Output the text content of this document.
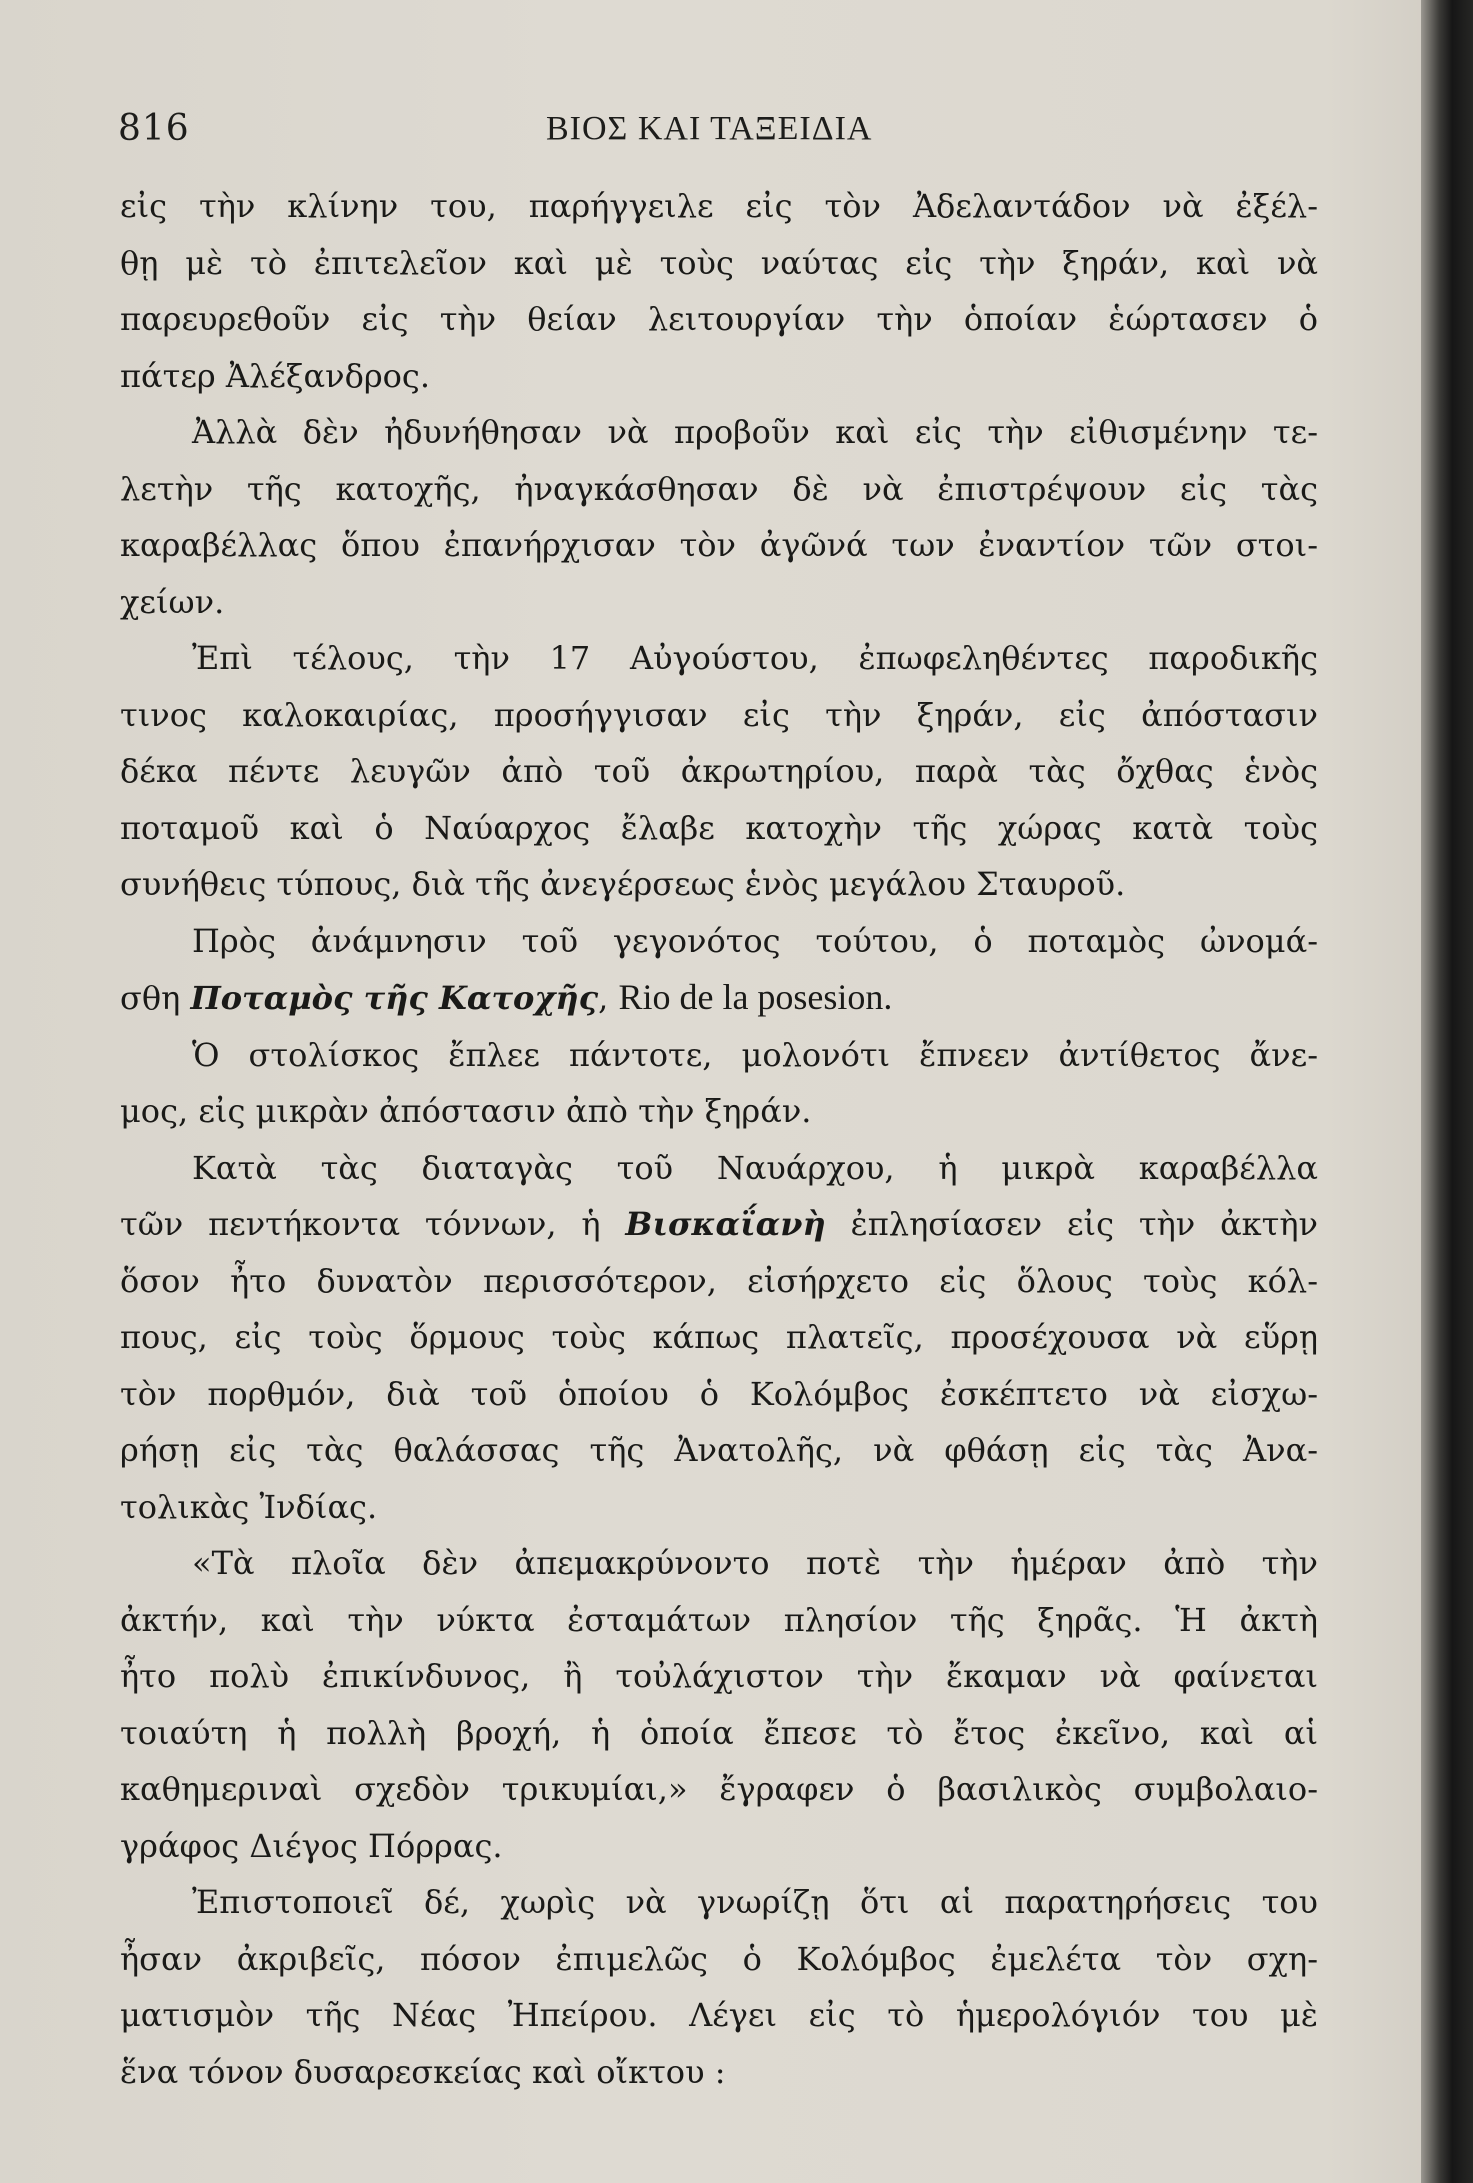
816	ΒΙΟΣ ΚΑΙ ΤΑΞΕΙΔΙΑ

εἰς τὴν κλίνην του, παρήγγειλε εἰς τὸν Ἀδελαντάδον νὰ ἐξέλ-
θῃ μὲ τὸ ἐπιτελεῖον καὶ μὲ τοὺς ναύτας εἰς τὴν ξηράν, καὶ νὰ
παρευρεθοῦν εἰς τὴν θείαν λειτουργίαν τὴν ὁποίαν ἑώρτασεν ὁ
πάτερ Ἀλέξανδρος.

Ἀλλὰ δὲν ἠδυνήθησαν νὰ προβοῦν καὶ εἰς τὴν εἰθισμένην τε-
λετὴν τῆς κατοχῆς, ἠναγκάσθησαν δὲ νὰ ἐπιστρέψουν εἰς τὰς
καραβέλλας ὅπου ἐπανήρχισαν τὸν ἀγῶνά των ἐναντίον τῶν στοι-
χείων.

Ἐπὶ τέλους, τὴν 17 Αὐγούστου, ἐπωφεληθέντες παροδικῆς
τινος καλοκαιρίας, προσήγγισαν εἰς τὴν ξηράν, εἰς ἀπόστασιν
δέκα πέντε λευγῶν ἀπὸ τοῦ ἀκρωτηρίου, παρὰ τὰς ὄχθας ἑνὸς
ποταμοῦ καὶ ὁ Ναύαρχος ἔλαβε κατοχὴν τῆς χώρας κατὰ τοὺς
συνήθεις τύπους, διὰ τῆς ἀνεγέρσεως ἑνὸς μεγάλου Σταυροῦ.

Πρὸς ἀνάμνησιν τοῦ γεγονότος τούτου, ὁ ποταμὸς ὠνομά-
σθη Ποταμὸς τῆς Κατοχῆς, Rio de la posesion.

Ὁ στολίσκος ἔπλεε πάντοτε, μολονότι ἔπνεεν ἀντίθετος ἄνε-
μος, εἰς μικρὰν ἀπόστασιν ἀπὸ τὴν ξηράν.

Κατὰ τὰς διαταγὰς τοῦ Ναυάρχου, ἡ μικρὰ καραβέλλα
τῶν πεντήκοντα τόννων, ἡ Βισκαΐανὴ ἐπλησίασεν εἰς τὴν ἀκτὴν
ὅσον ἦτο δυνατὸν περισσότερον, εἰσήρχετο εἰς ὅλους τοὺς κόλ-
πους, εἰς τοὺς ὅρμους τοὺς κάπως πλατεῖς, προσέχουσα νὰ εὕρῃ
τὸν πορθμόν, διὰ τοῦ ὁποίου ὁ Κολόμβος ἐσκέπτετο νὰ εἰσχω-
ρήσῃ εἰς τὰς θαλάσσας τῆς Ἀνατολῆς, νὰ φθάσῃ εἰς τὰς Ἀνα-
τολικὰς Ἰνδίας.

«Τὰ πλοῖα δὲν ἀπεμακρύνοντο ποτὲ τὴν ἡμέραν ἀπὸ τὴν
ἀκτήν, καὶ τὴν νύκτα ἐσταμάτων πλησίον τῆς ξηρᾶς. Ἡ ἀκτὴ
ἦτο πολὺ ἐπικίνδυνος, ἢ τοὐλάχιστον τὴν ἔκαμαν νὰ φαίνεται
τοιαύτη ἡ πολλὴ βροχή, ἡ ὁποία ἔπεσε τὸ ἔτος ἐκεῖνο, καὶ αἱ
καθημεριναὶ σχεδὸν τρικυμίαι,» ἔγραφεν ὁ βασιλικὸς συμβολαιο-
γράφος Διέγος Πόρρας.

Ἐπιστοποιεῖ δέ, χωρὶς νὰ γνωρίζῃ ὅτι αἱ παρατηρήσεις του
ἦσαν ἀκριβεῖς, πόσον ἐπιμελῶς ὁ Κολόμβος ἐμελέτα τὸν σχη-
ματισμὸν τῆς Νέας Ἠπείρου. Λέγει εἰς τὸ ἡμερολόγιόν του μὲ
ἕνα τόνον δυσαρεσκείας καὶ οἴκτου :
